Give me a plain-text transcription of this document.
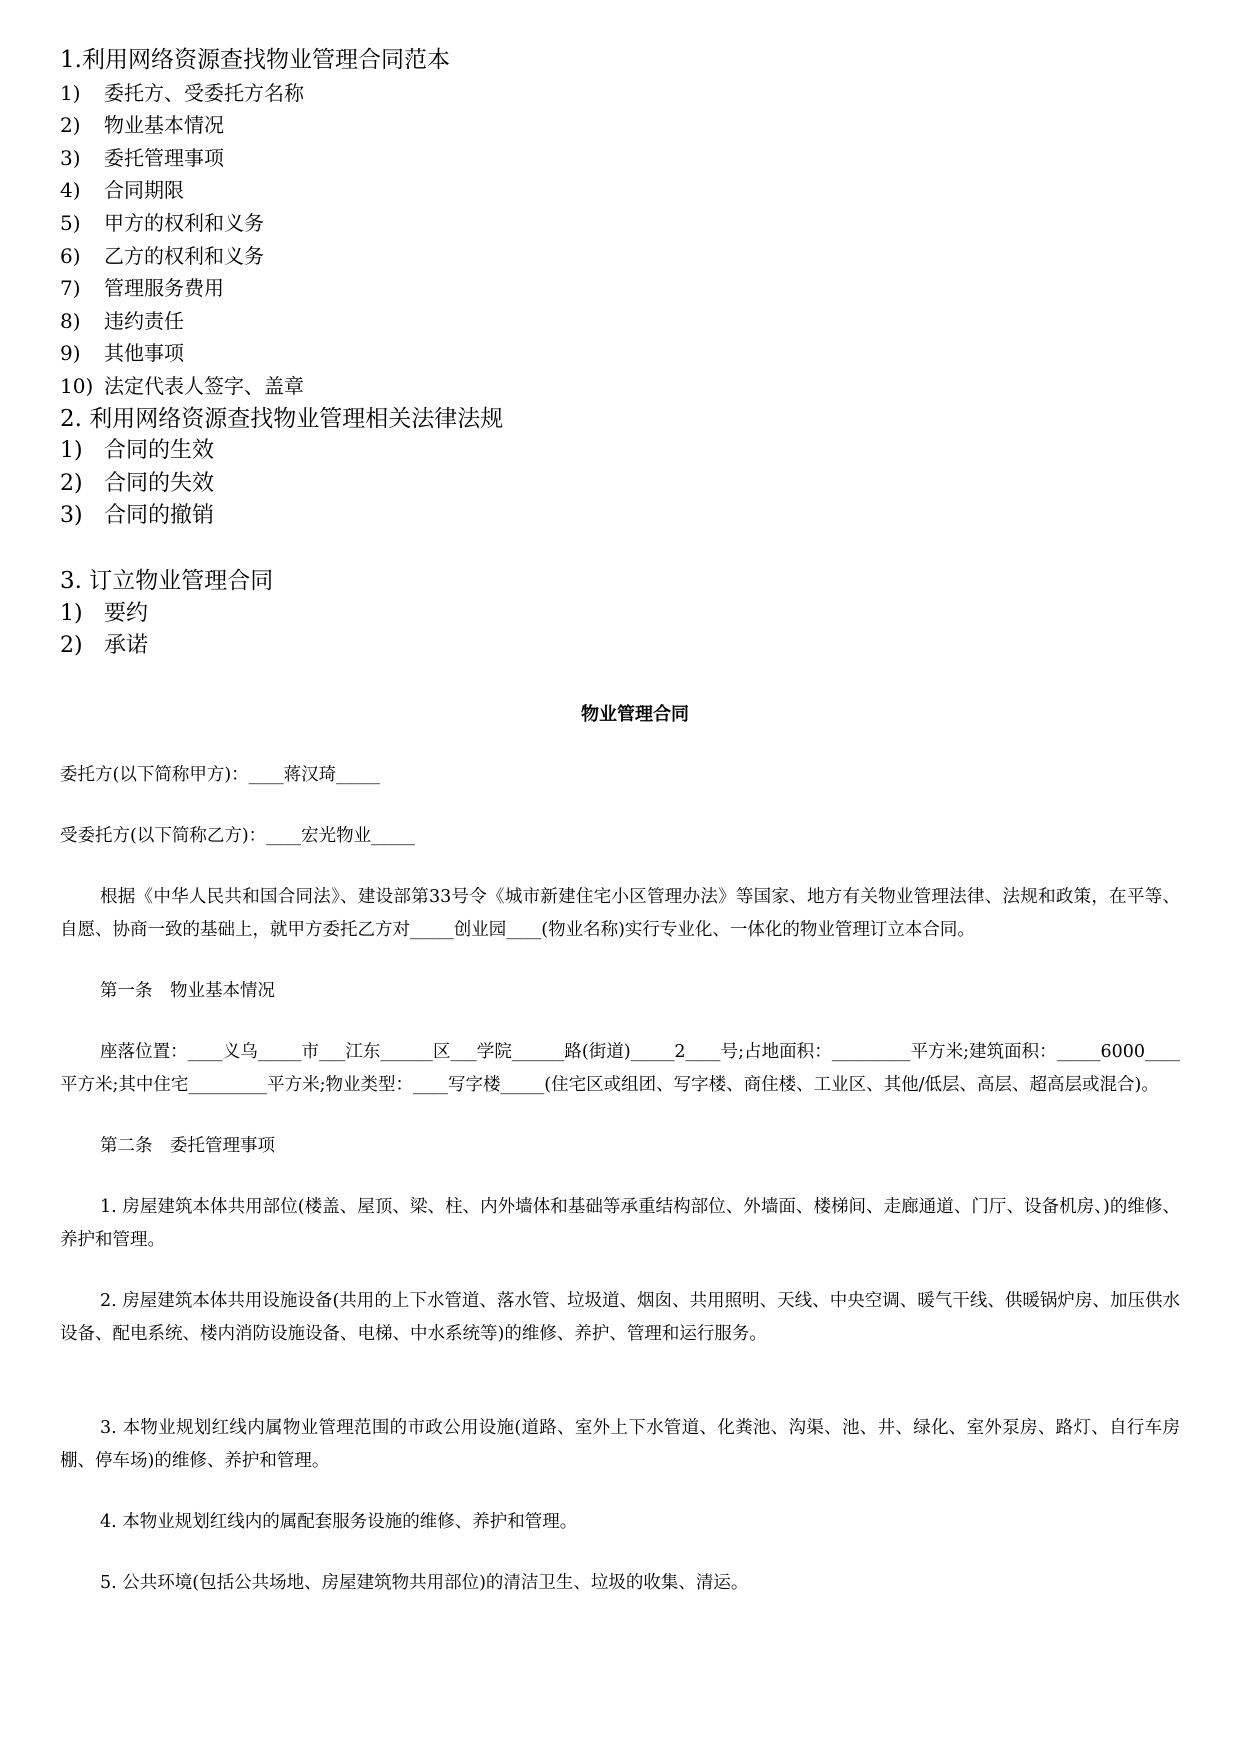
1.利用网络资源查找物业管理合同范本
1) 委托方、受委托方名称
2) 物业基本情况
3) 委托管理事项
4) 合同期限
5) 甲方的权利和义务
6) 乙方的权利和义务
7) 管理服务费用
8) 违约责任
9) 其他事项
10) 法定代表人签字、盖章
2. 利用网络资源查找物业管理相关法律法规
1) 合同的生效
2) 合同的失效
3) 合同的撤销
3. 订立物业管理合同
1) 要约
2) 承诺
物业管理合同

委托方(以下简称甲方)：____蒋汉琦_____

受委托方(以下简称乙方)：____宏光物业_____

根据《中华人民共和国合同法》、建设部第33号令《城市新建住宅小区管理办法》等国家、地方有关物业管理法律、法规和政策，在平等、自愿、协商一致的基础上，就甲方委托乙方对_____创业园____(物业名称)实行专业化、一体化的物业管理订立本合同。

第一条　物业基本情况

座落位置：____义乌_____市___江东______区___学院______路(街道)_____2____号;占地面积：_________平方米;建筑面积：_____6000____平方米;其中住宅_________平方米;物业类型：____写字楼_____(住宅区或组团、写字楼、商住楼、工业区、其他/低层、高层、超高层或混合)。

第二条　委托管理事项

1. 房屋建筑本体共用部位(楼盖、屋顶、梁、柱、内外墙体和基础等承重结构部位、外墙面、楼梯间、走廊通道、门厅、设备机房、)的维修、养护和管理。

2. 房屋建筑本体共用设施设备(共用的上下水管道、落水管、垃圾道、烟囱、共用照明、天线、中央空调、暖气干线、供暖锅炉房、加压供水设备、配电系统、楼内消防设施设备、电梯、中水系统等)的维修、养护、管理和运行服务。

3. 本物业规划红线内属物业管理范围的市政公用设施(道路、室外上下水管道、化粪池、沟渠、池、井、绿化、室外泵房、路灯、自行车房棚、停车场)的维修、养护和管理。

4. 本物业规划红线内的属配套服务设施的维修、养护和管理。

5. 公共环境(包括公共场地、房屋建筑物共用部位)的清洁卫生、垃圾的收集、清运。
